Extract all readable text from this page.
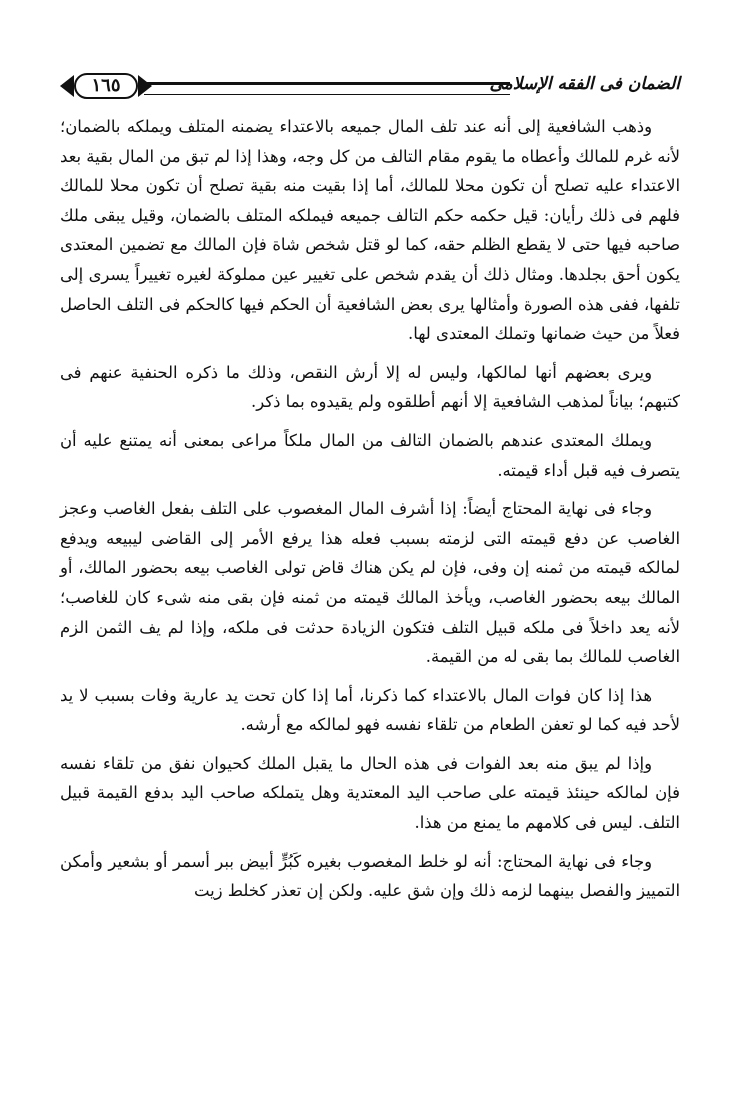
١٦٥	الضمان فى الفقه الإسلامى

وذهب الشافعية إلى أنه عند تلف المال جميعه بالاعتداء يضمنه المتلف ويملكه بالضمان؛ لأنه غرم للمالك وأعطاه ما يقوم مقام التالف من كل وجه، وهذا إذا لم تبق من المال بقية بعد الاعتداء عليه تصلح أن تكون محلا للمالك، أما إذا بقيت منه بقية تصلح أن تكون محلا للمالك فلهم فى ذلك رأيان: قيل حكمه حكم التالف جميعه فيملكه المتلف بالضمان، وقيل يبقى ملك صاحبه فيها حتى لا يقطع الظلم حقه، كما لو قتل شخص شاة فإن المالك مع تضمين المعتدى يكون أحق بجلدها. ومثال ذلك أن يقدم شخص على تغيير عين مملوكة لغيره تغييراً يسرى إلى تلفها، ففى هذه الصورة وأمثالها يرى بعض الشافعية أن الحكم فيها كالحكم فى التلف الحاصل فعلاً من حيث ضمانها وتملك المعتدى لها.

ويرى بعضهم أنها لمالكها، وليس له إلا أرش النقص، وذلك ما ذكره الحنفية عنهم فى كتبهم؛ بياناً لمذهب الشافعية إلا أنهم أطلقوه ولم يقيدوه بما ذكر.

ويملك المعتدى عندهم بالضمان التالف من المال ملكاً مراعى بمعنى أنه يمتنع عليه أن يتصرف فيه قبل أداء قيمته.

وجاء فى نهاية المحتاج أيضاً: إذا أشرف المال المغصوب على التلف بفعل الغاصب وعجز الغاصب عن دفع قيمته التى لزمته بسبب فعله هذا يرفع الأمر إلى القاضى ليبيعه ويدفع لمالكه قيمته من ثمنه إن وفى، فإن لم يكن هناك قاض تولى الغاصب بيعه بحضور المالك، أو المالك بيعه بحضور الغاصب، ويأخذ المالك قيمته من ثمنه فإن بقى منه شىء كان للغاصب؛ لأنه يعد داخلاً فى ملكه قبيل التلف فتكون الزيادة حدثت فى ملكه، وإذا لم يف الثمن الزم الغاصب للمالك بما بقى له من القيمة.

هذا إذا كان فوات المال بالاعتداء كما ذكرنا، أما إذا كان تحت يد عارية وفات بسبب لا يد لأحد فيه كما لو تعفن الطعام من تلقاء نفسه فهو لمالكه مع أرشه.

وإذا لم يبق منه بعد الفوات فى هذه الحال ما يقبل الملك كحيوان نفق من تلقاء نفسه فإن لمالكه حينئذ قيمته على صاحب اليد المعتدية وهل يتملكه صاحب اليد بدفع القيمة قبيل التلف. ليس فى كلامهم ما يمنع من هذا.

وجاء فى نهاية المحتاج: أنه لو خلط المغصوب بغيره كَبُرٍّ أبيض ببر أسمر أو بشعير وأمكن التمييز والفصل بينهما لزمه ذلك وإن شق عليه. ولكن إن تعذر كخلط زيت
